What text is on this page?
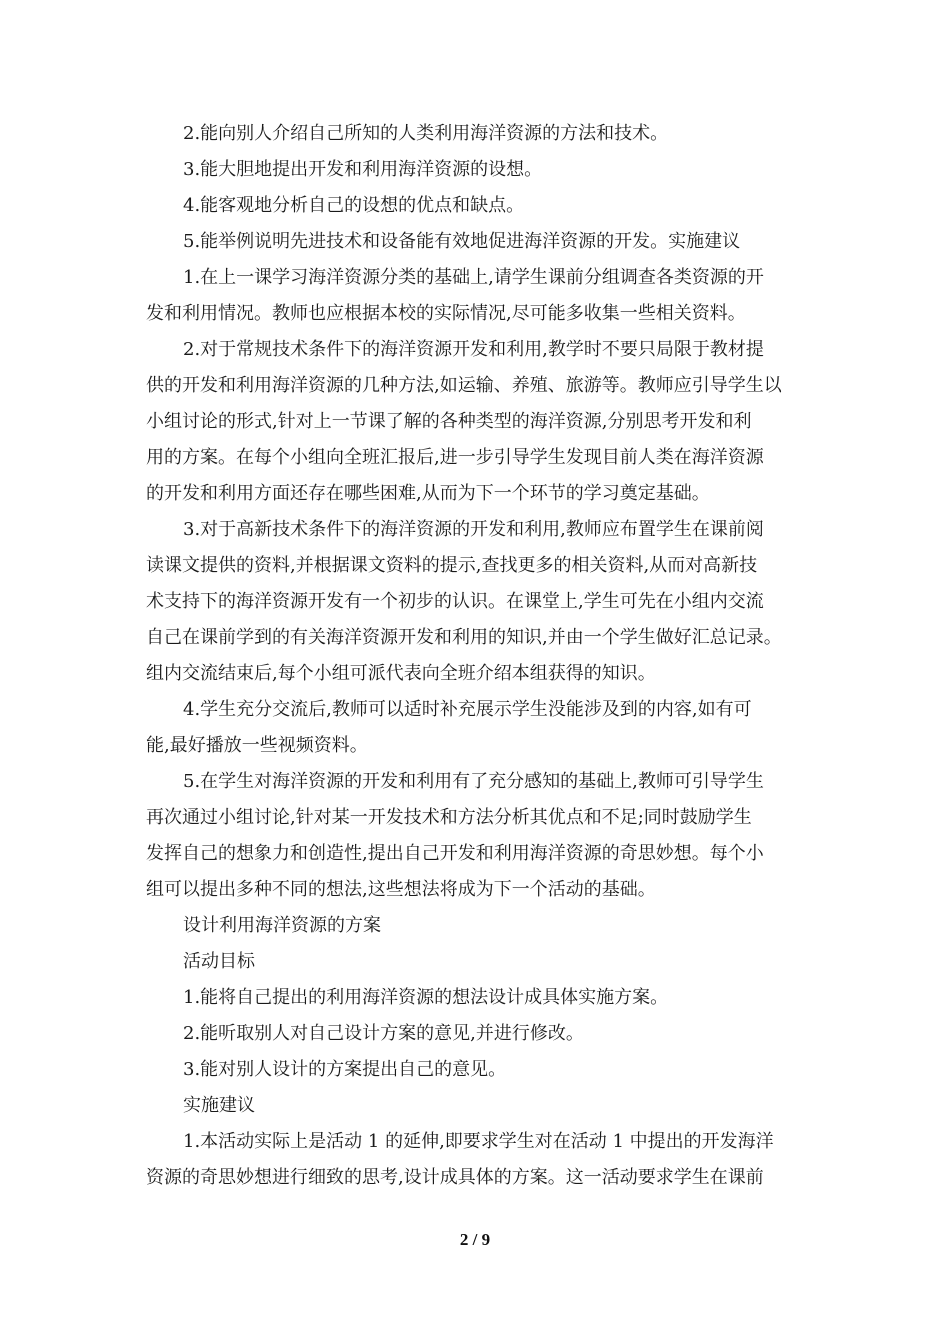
2.能向别人介绍自己所知的人类利用海洋资源的方法和技术。
3.能大胆地提出开发和利用海洋资源的设想。
4.能客观地分析自己的设想的优点和缺点。
5.能举例说明先进技术和设备能有效地促进海洋资源的开发。实施建议
1.在上一课学习海洋资源分类的基础上,请学生课前分组调查各类资源的开
发和利用情况。教师也应根据本校的实际情况,尽可能多收集一些相关资料。
2.对于常规技术条件下的海洋资源开发和利用,教学时不要只局限于教材提
供的开发和利用海洋资源的几种方法,如运输、养殖、旅游等。教师应引导学生以
小组讨论的形式,针对上一节课了解的各种类型的海洋资源,分别思考开发和利
用的方案。在每个小组向全班汇报后,进一步引导学生发现目前人类在海洋资源
的开发和利用方面还存在哪些困难,从而为下一个环节的学习奠定基础。
3.对于高新技术条件下的海洋资源的开发和利用,教师应布置学生在课前阅
读课文提供的资料,并根据课文资料的提示,查找更多的相关资料,从而对高新技
术支持下的海洋资源开发有一个初步的认识。在课堂上,学生可先在小组内交流
自己在课前学到的有关海洋资源开发和利用的知识,并由一个学生做好汇总记录。
组内交流结束后,每个小组可派代表向全班介绍本组获得的知识。
4.学生充分交流后,教师可以适时补充展示学生没能涉及到的内容,如有可
能,最好播放一些视频资料。
5.在学生对海洋资源的开发和利用有了充分感知的基础上,教师可引导学生
再次通过小组讨论,针对某一开发技术和方法分析其优点和不足;同时鼓励学生
发挥自己的想象力和创造性,提出自己开发和利用海洋资源的奇思妙想。每个小
组可以提出多种不同的想法,这些想法将成为下一个活动的基础。
设计利用海洋资源的方案
活动目标
1.能将自己提出的利用海洋资源的想法设计成具体实施方案。
2.能听取别人对自己设计方案的意见,并进行修改。
3.能对别人设计的方案提出自己的意见。
实施建议
1.本活动实际上是活动 1 的延伸,即要求学生对在活动 1 中提出的开发海洋
资源的奇思妙想进行细致的思考,设计成具体的方案。这一活动要求学生在课前
2 / 9
